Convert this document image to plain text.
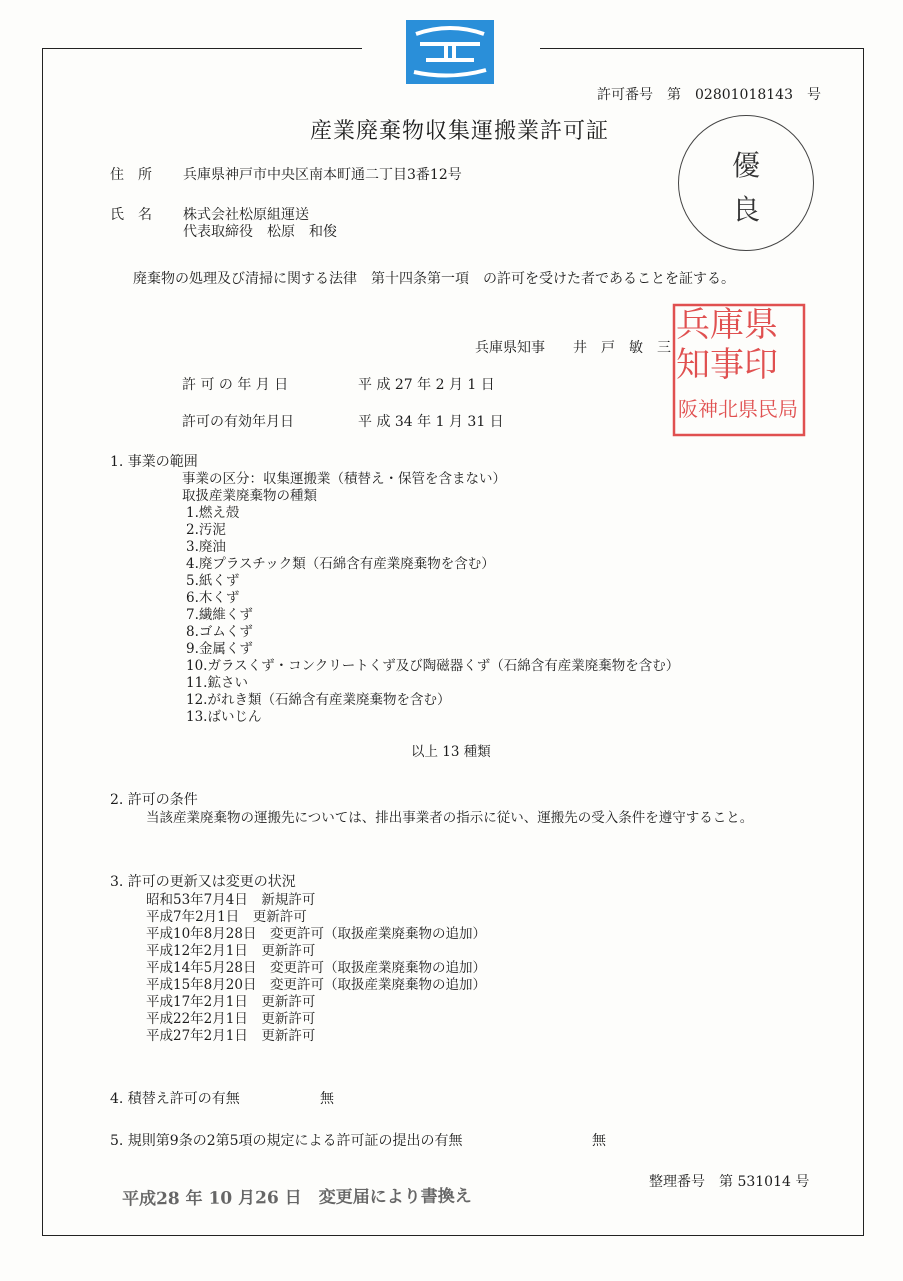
許可番号　第　02801018143　号
産業廃棄物収集運搬業許可証
住　所 兵庫県神戸市中央区南本町通二丁目3番12号
氏　名 株式会社松原組運送
代表取締役　松原　和俊
優
良
廃棄物の処理及び清掃に関する法律　第十四条第一項　の許可を受けた者であることを証する。
兵庫県知事　　井　戸　敏　三
兵庫県
知事印
阪神北県民局
許 可 の 年 月 日	平 成 27 年 2 月 1 日
許可の有効年月日	平 成 34 年 1 月 31 日
1. 事業の範囲
事業の区分：収集運搬業（積替え・保管を含まない）
取扱産業廃棄物の種類
1.燃え殻
2.汚泥
3.廃油
4.廃プラスチック類（石綿含有産業廃棄物を含む）
5.紙くず
6.木くず
7.繊維くず
8.ゴムくず
9.金属くず
10.ガラスくず・コンクリートくず及び陶磁器くず（石綿含有産業廃棄物を含む）
11.鉱さい
12.がれき類（石綿含有産業廃棄物を含む）
13.ばいじん
以上 13 種類
2. 許可の条件
当該産業廃棄物の運搬先については、排出事業者の指示に従い、運搬先の受入条件を遵守すること。
3. 許可の更新又は変更の状況
昭和53年7月4日　新規許可
平成7年2月1日　更新許可
平成10年8月28日　変更許可（取扱産業廃棄物の追加）
平成12年2月1日　更新許可
平成14年5月28日　変更許可（取扱産業廃棄物の追加）
平成15年8月20日　変更許可（取扱産業廃棄物の追加）
平成17年2月1日　更新許可
平成22年2月1日　更新許可
平成27年2月1日　更新許可
4. 積替え許可の有無	無
5. 規則第9条の2第5項の規定による許可証の提出の有無	無
整理番号　第 531014 号
平成28 年 10 月26 日　変更届により書換え
